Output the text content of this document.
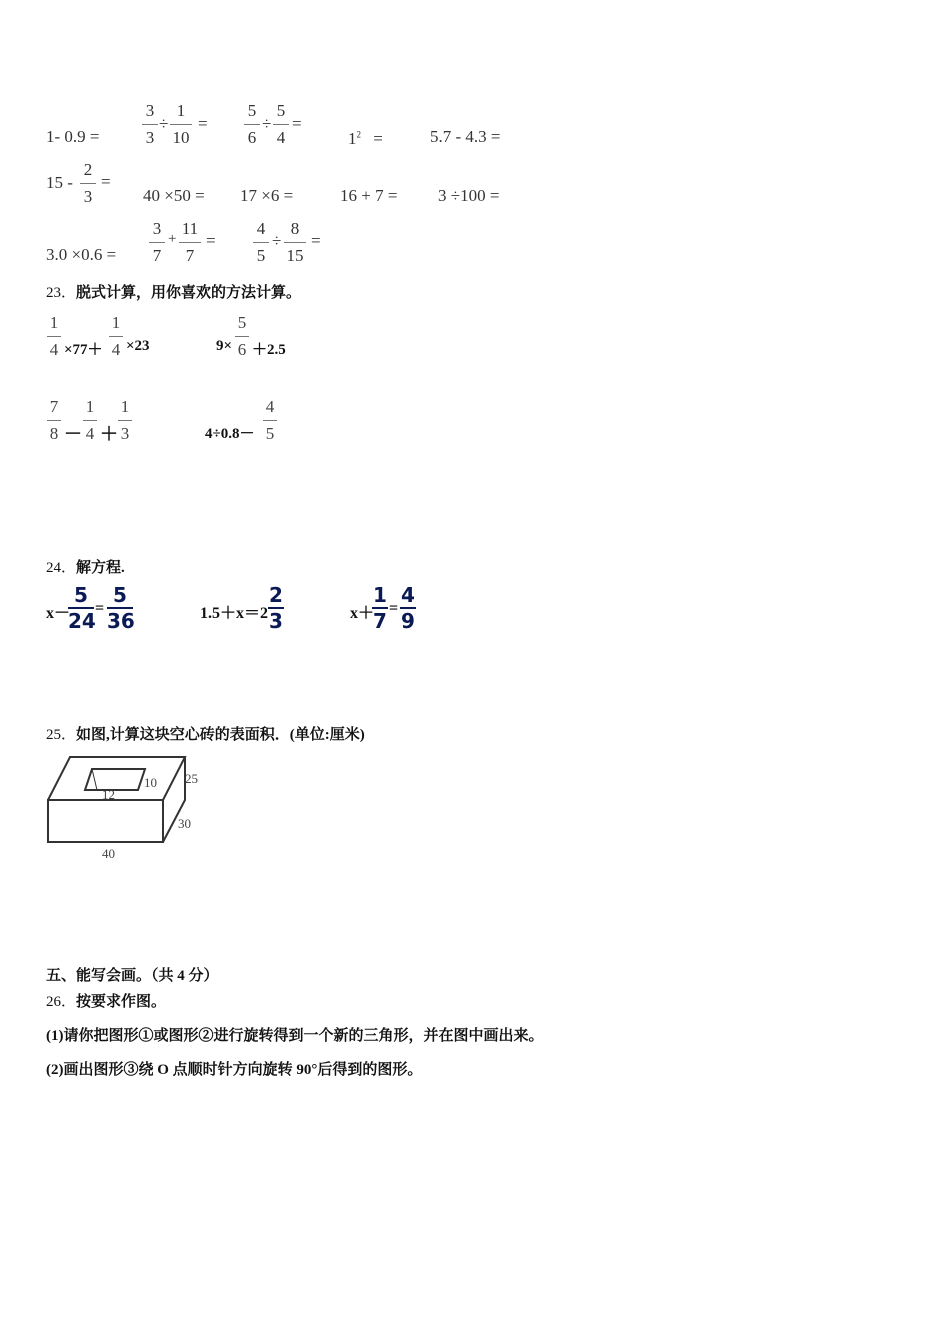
1- 0.9 =
3
3
÷
1
10
=
5
6
÷
5
4
=
$1^2$ =	5.7 - 4.3 =
15 -
2
3
=
40 ×50 = 17 ×6 =	16 + 7 = 3 ÷100 =
3.0 ×0.6 =
3
7
+
11
7
=
4
5
÷
8
15
=
23．脱式计算，用你喜欢的方法计算。
1
4 ×77＋
1
4 ×23	9×
5
6 ＋2.5
7
8 －
1
4 ＋
1
3	4÷0.8－
4
5
24．解方程.
x－
5
24
=
5
36	1.5＋x＝2
2
3	x＋
1
7
=
4
9
25．如图,计算这块空心砖的表面积．(单位:厘米)
12
10 25
30
40
五、能写会画。（共 4 分）
26．按要求作图。
(1)请你把图形①或图形②进行旋转得到一个新的三角形，并在图中画出来。
(2)画出图形③绕 O 点顺时针方向旋转 90°后得到的图形。
